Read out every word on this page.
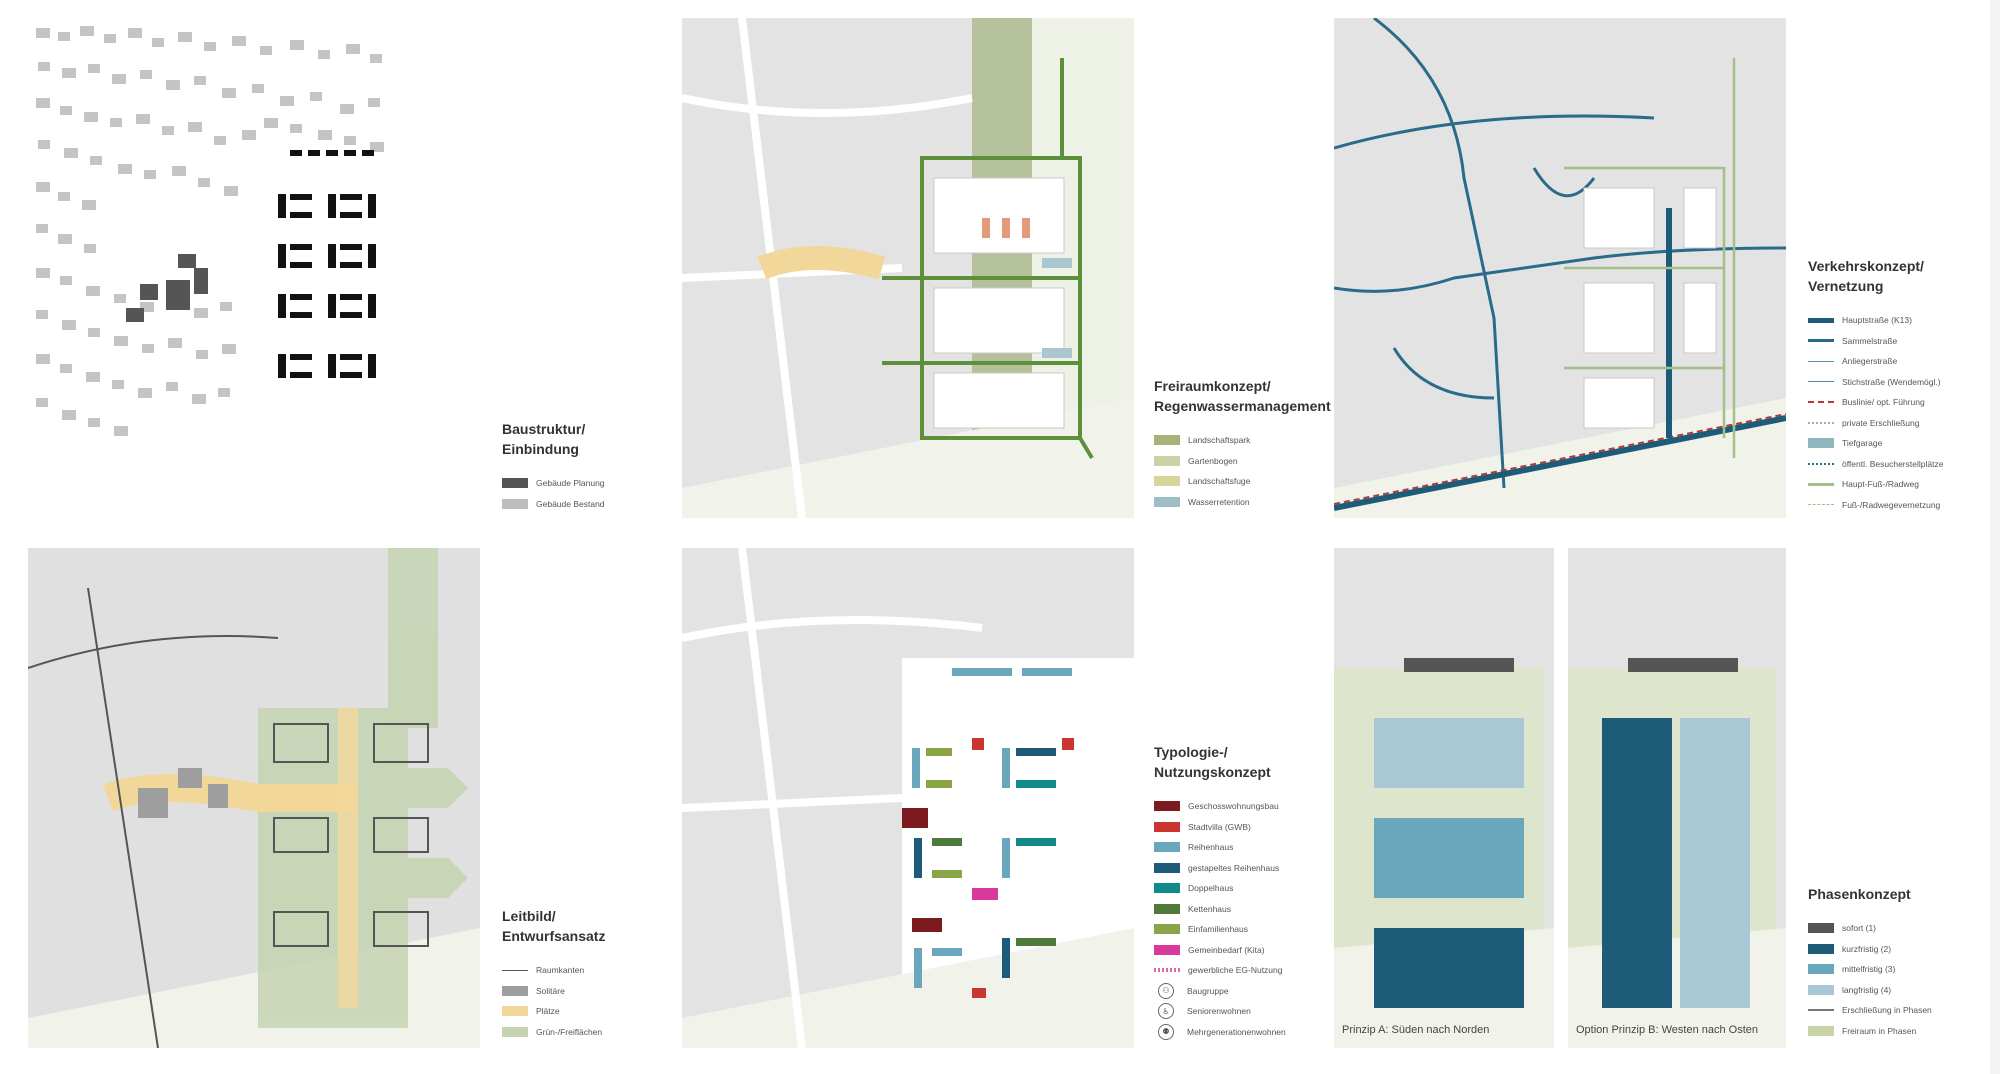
Baustruktur/
Einbindung
Gebäude Planung
Gebäude Bestand
Freiraumkonzept/
Regenwassermanagement
Landschaftspark
Gartenbogen
Landschaftsfuge
Wasserretention
Verkehrskonzept/
Vernetzung
Hauptstraße (K13)
Sammelstraße
Anliegerstraße
Stichstraße (Wendemögl.)
Buslinie/ opt. Führung
private Erschließung
Tiefgarage
öffentl. Besucherstellplätze
Haupt-Fuß-/Radweg
Fuß-/Radwegevernetzung
Leitbild/
Entwurfsansatz
Raumkanten
Solitäre
Plätze
Grün-/Freiflächen
Typologie-/
Nutzungskonzept
Geschosswohnungsbau
Stadtvilla (GWB)
Reihenhaus
gestapeltes Reihenhaus
Doppelhaus
Kettenhaus
Einfamilienhaus
Gemeinbedarf (Kita)
gewerbliche EG-Nutzung
⚇ Baugruppe
♿ Seniorenwohnen
⚉ Mehrgenerationenwohnen	Prinzip A: Süden nach Norden	Option Prinzip B: Westen nach Osten
Phasenkonzept
sofort (1)
kurzfristig (2)
mittelfristig (3)
langfristig (4)
Erschließung in Phasen
Freiraum in Phasen
